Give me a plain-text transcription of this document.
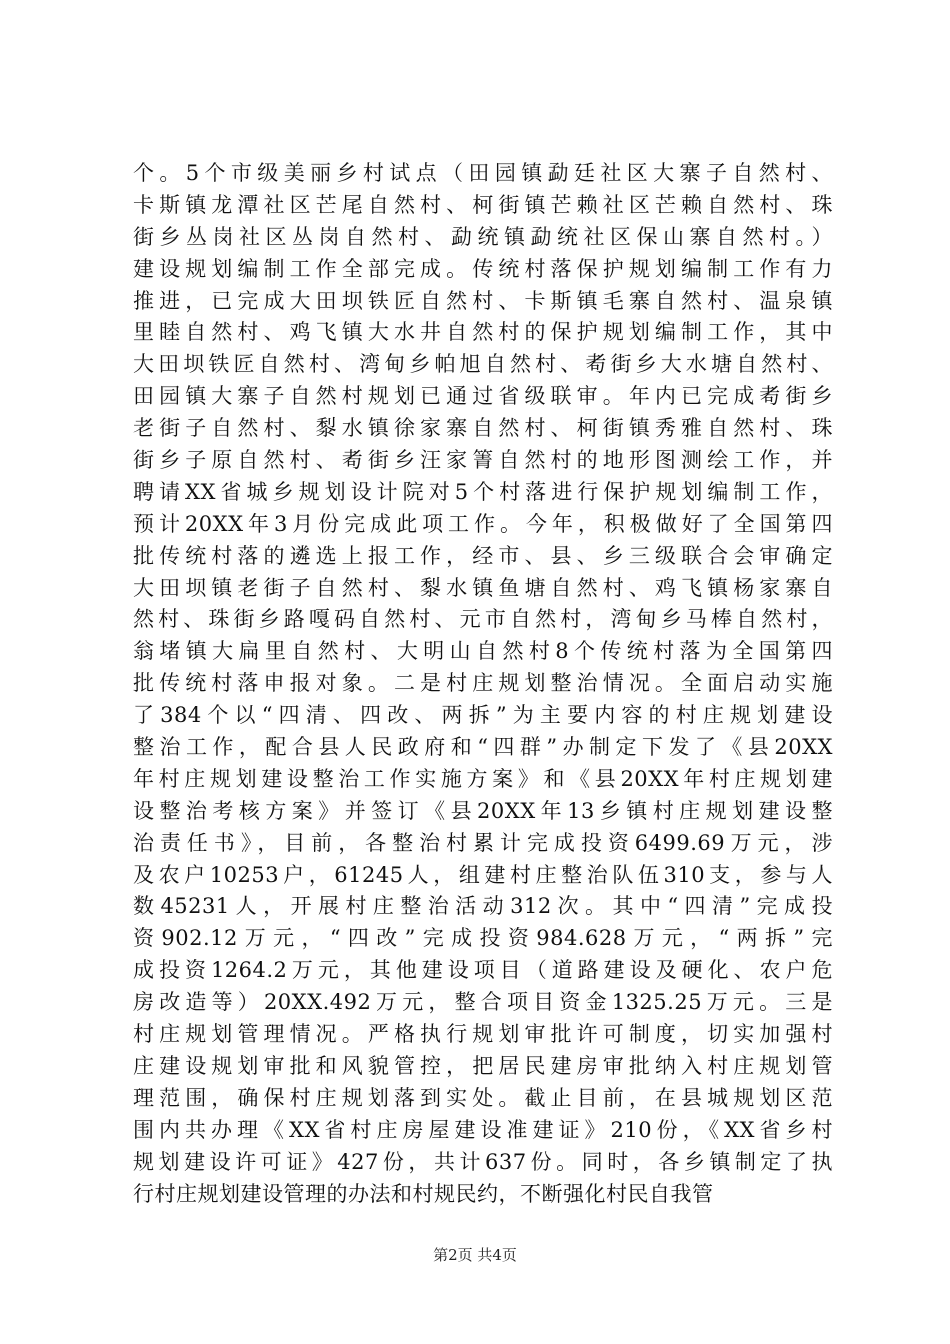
个。5个市级美丽乡村试点（田园镇勐廷社区大寨子自然村、
卡斯镇龙潭社区芒尾自然村、柯街镇芒赖社区芒赖自然村、珠
街乡丛岗社区丛岗自然村、勐统镇勐统社区保山寨自然村。）
建设规划编制工作全部完成。传统村落保护规划编制工作有力
推进，已完成大田坝铁匠自然村、卡斯镇毛寨自然村、温泉镇
里睦自然村、鸡飞镇大水井自然村的保护规划编制工作，其中
大田坝铁匠自然村、湾甸乡帕旭自然村、耇街乡大水塘自然村、
田园镇大寨子自然村规划已通过省级联审。年内已完成耇街乡
老街子自然村、㴝水镇徐家寨自然村、柯街镇秀雅自然村、珠
街乡子原自然村、耇街乡汪家箐自然村的地形图测绘工作，并
聘请XX省城乡规划设计院对5个村落进行保护规划编制工作，
预计20XX年3月份完成此项工作。今年，积极做好了全国第四
批传统村落的遴选上报工作，经市、县、乡三级联合会审确定
大田坝镇老街子自然村、㴝水镇鱼塘自然村、鸡飞镇杨家寨自
然村、珠街乡路嘎码自然村、元市自然村，湾甸乡马棒自然村，
翁堵镇大扁里自然村、大明山自然村8个传统村落为全国第四
批传统村落申报对象。二是村庄规划整治情况。全面启动实施
了384个以“四清、四改、两拆”为主要内容的村庄规划建设
整治工作，配合县人民政府和“四群”办制定下发了《县20XX
年村庄规划建设整治工作实施方案》和《县20XX年村庄规划建
设整治考核方案》并签订《县20XX年13乡镇村庄规划建设整
治责任书》，目前，各整治村累计完成投资6499.69万元，涉
及农户10253户，61245人，组建村庄整治队伍310支，参与人
数45231人，开展村庄整治活动312次。其中“四清”完成投
资902.12万元，“四改”完成投资984.628万元，“两拆”完
成投资1264.2万元，其他建设项目（道路建设及硬化、农户危
房改造等）20XX.492万元，整合项目资金1325.25万元。三是
村庄规划管理情况。严格执行规划审批许可制度，切实加强村
庄建设规划审批和风貌管控，把居民建房审批纳入村庄规划管
理范围，确保村庄规划落到实处。截止目前，在县城规划区范
围内共办理《XX省村庄房屋建设准建证》210份，《XX省乡村
规划建设许可证》427份，共计637份。同时，各乡镇制定了执
行村庄规划建设管理的办法和村规民约，不断强化村民自我管
第2页 共4页
